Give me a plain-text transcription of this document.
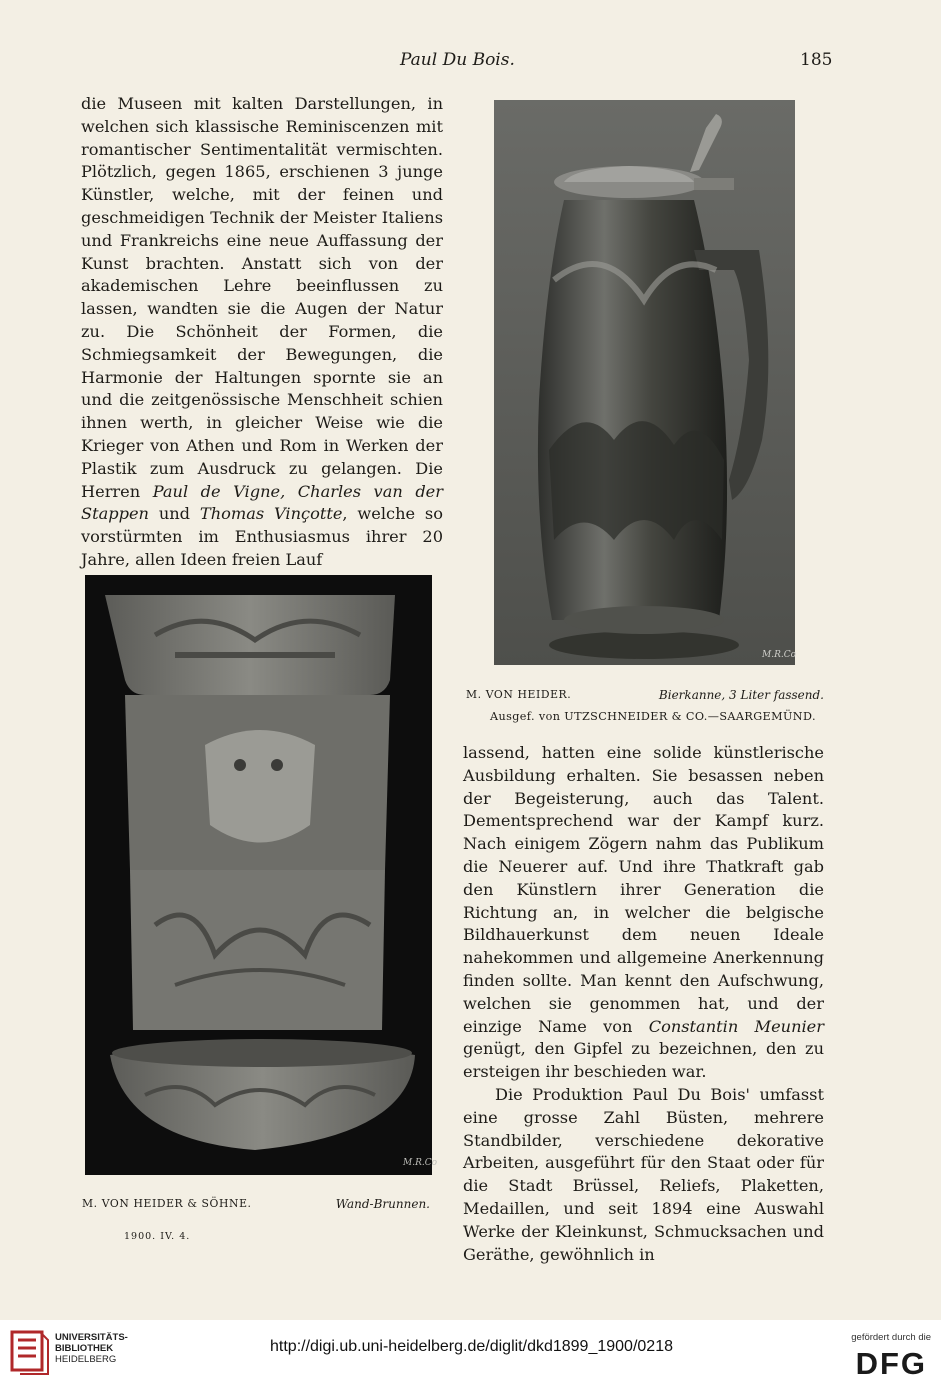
Paul Du Bois.	185

die Museen mit kalten Darstellungen, in welchen sich klassische Reminiscenzen mit romantischer Sentimentalität vermischten. Plötzlich, gegen 1865, erschienen 3 junge Künstler, welche, mit der feinen und geschmeidigen Technik der Meister Italiens und Frankreichs eine neue Auffassung der Kunst brachten. Anstatt sich von der akademischen Lehre beeinflussen zu lassen, wandten sie die Augen der Natur zu. Die Schönheit der Formen, die Schmiegsamkeit der Bewegungen, die Harmonie der Haltungen spornte sie an und die zeitgenössische Menschheit schien ihnen werth, in gleicher Weise wie die Krieger von Athen und Rom in Werken der Plastik zum Ausdruck zu gelangen. Die Herren Paul de Vigne, Charles van der Stappen und Thomas Vinçotte, welche so vorstürmten im Enthusiasmus ihrer 20 Jahre, allen Ideen freien Lauf

M.R.Co
M. VON HEIDER.	Bierkanne, 3 Liter fassend.
Ausgef. von UTZSCHNEIDER & CO.—SAARGEMÜND.
M.R.Co
M. VON HEIDER & SÖHNE.	Wand-Brunnen.

lassend, hatten eine solide künstlerische Ausbildung erhalten. Sie besassen neben der Begeisterung, auch das Talent. Dementsprechend war der Kampf kurz. Nach einigem Zögern nahm das Publikum die Neuerer auf. Und ihre Thatkraft gab den Künstlern ihrer Generation die Richtung an, in welcher die belgische Bildhauerkunst dem neuen Ideale nahekommen und allgemeine Anerkennung finden sollte. Man kennt den Aufschwung, welchen sie genommen hat, und der einzige Name von Constantin Meunier genügt, den Gipfel zu bezeichnen, den zu ersteigen ihr beschieden war.

Die Produktion Paul Du Bois' umfasst eine grosse Zahl Büsten, mehrere Standbilder, verschiedene dekorative Arbeiten, ausgeführt für den Staat oder für die Stadt Brüssel, Reliefs, Plaketten, Medaillen, und seit 1894 eine Auswahl Werke der Kleinkunst, Schmucksachen und Geräthe, gewöhnlich in

1900. IV. 4.
UNIVERSITÄTS-
BIBLIOTHEK
HEIDELBERG
http://digi.ub.uni-heidelberg.de/diglit/dkd1899_1900/0218
gefördert durch die
DFG
